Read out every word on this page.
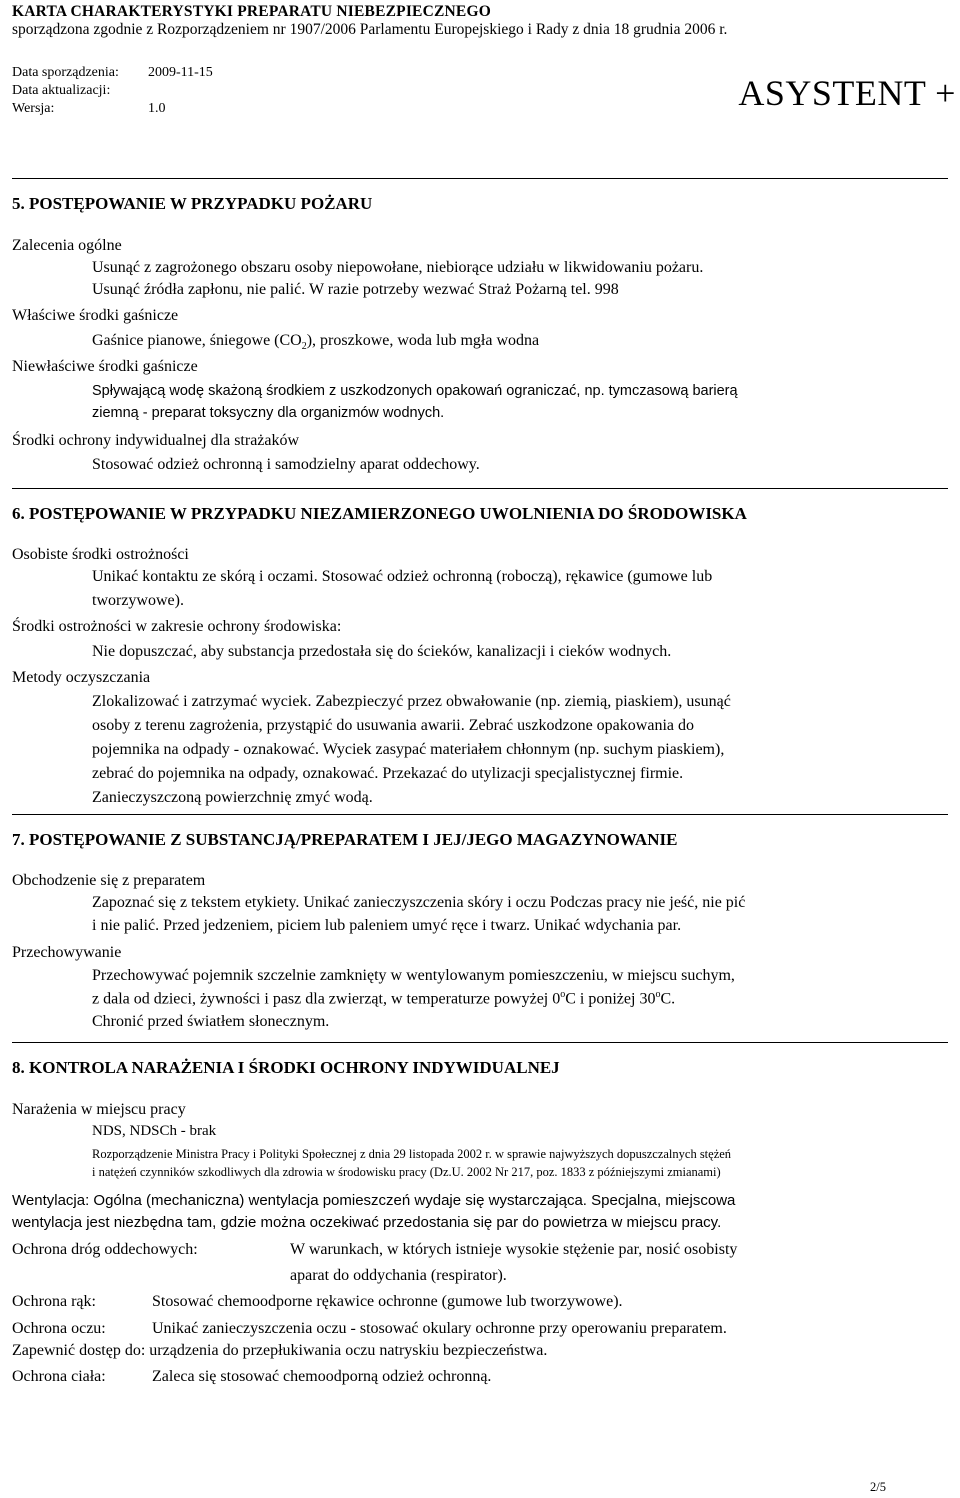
KARTA CHARAKTERYSTYKI PREPARATU NIEBEZPIECZNEGO
sporządzona zgodnie z Rozporządzeniem nr 1907/2006 Parlamentu Europejskiego i Rady z dnia 18 grudnia 2006 r.
Data sporządzenia: 2009-11-15
Data aktualizacji:
Wersja:	1.0	ASYSTENT +
5. POSTĘPOWANIE W PRZYPADKU POŻARU
Zalecenia ogólne
Usunąć z zagrożonego obszaru osoby niepowołane, niebiorące udziału w likwidowaniu pożaru.
Usunąć źródła zapłonu, nie palić. W razie potrzeby wezwać Straż Pożarną tel. 998
Właściwe środki gaśnicze
Gaśnice pianowe, śniegowe $(CO_2)$, proszkowe, woda lub mgła wodna
Niewłaściwe środki gaśnicze
Spływającą wodę skażoną środkiem z uszkodzonych opakowań ograniczać, np. tymczasową barierą
ziemną - preparat toksyczny dla organizmów wodnych.
Środki ochrony indywidualnej dla strażaków
Stosować odzież ochronną i samodzielny aparat oddechowy.
6. POSTĘPOWANIE W PRZYPADKU NIEZAMIERZONEGO UWOLNIENIA DO ŚRODOWISKA
Osobiste środki ostrożności
Unikać kontaktu ze skórą i oczami. Stosować odzież ochronną (roboczą), rękawice (gumowe lub
tworzywowe).
Środki ostrożności w zakresie ochrony środowiska:
Nie dopuszczać, aby substancja przedostała się do ścieków, kanalizacji i cieków wodnych.
Metody oczyszczania
Zlokalizować i zatrzymać wyciek. Zabezpieczyć przez obwałowanie (np. ziemią, piaskiem), usunąć
osoby z terenu zagrożenia, przystąpić do usuwania awarii. Zebrać uszkodzone opakowania do
pojemnika na odpady - oznakować. Wyciek zasypać materiałem chłonnym (np. suchym piaskiem),
zebrać do pojemnika na odpady, oznakować. Przekazać do utylizacji specjalistycznej firmie.
Zanieczyszczoną powierzchnię zmyć wodą.
7. POSTĘPOWANIE Z SUBSTANCJĄ/PREPARATEM I JEJ/JEGO MAGAZYNOWANIE
Obchodzenie się z preparatem
Zapoznać się z tekstem etykiety. Unikać zanieczyszczenia skóry i oczu Podczas pracy nie jeść, nie pić
i nie palić. Przed jedzeniem, piciem lub paleniem umyć ręce i twarz. Unikać wdychania par.
Przechowywanie
Przechowywać pojemnik szczelnie zamknięty w wentylowanym pomieszczeniu, w miejscu suchym,
z dala od dzieci, żywności i pasz dla zwierząt, w temperaturze powyżej 0$^o$C i poniżej 30$^o$C.
Chronić przed światłem słonecznym.
8. KONTROLA NARAŻENIA I ŚRODKI OCHRONY INDYWIDUALNEJ
Narażenia w miejscu pracy
NDS, NDSCh - brak
Rozporządzenie Ministra Pracy i Polityki Społecznej z dnia 29 listopada 2002 r. w sprawie najwyższych dopuszczalnych stężeń
i natężeń czynników szkodliwych dla zdrowia w środowisku pracy (Dz.U. 2002 Nr 217, poz. 1833 z późniejszymi zmianami)
Wentylacja: Ogólna (mechaniczna) wentylacja pomieszczeń wydaje się wystarczająca. Specjalna, miejscowa
wentylacja jest niezbędna tam, gdzie można oczekiwać przedostania się par do powietrza w miejscu pracy.
Ochrona dróg oddechowych:	W warunkach, w których istnieje wysokie stężenie par, nosić osobisty
aparat do oddychania (respirator).
Ochrona rąk:	Stosować chemoodporne rękawice ochronne (gumowe lub tworzywowe).
Ochrona oczu:	Unikać zanieczyszczenia oczu - stosować okulary ochronne przy operowaniu preparatem.
Zapewnić dostęp do: urządzenia do przepłukiwania oczu natryskiu bezpieczeństwa.
Ochrona ciała:	Zaleca się stosować chemoodporną odzież ochronną.
2/5
